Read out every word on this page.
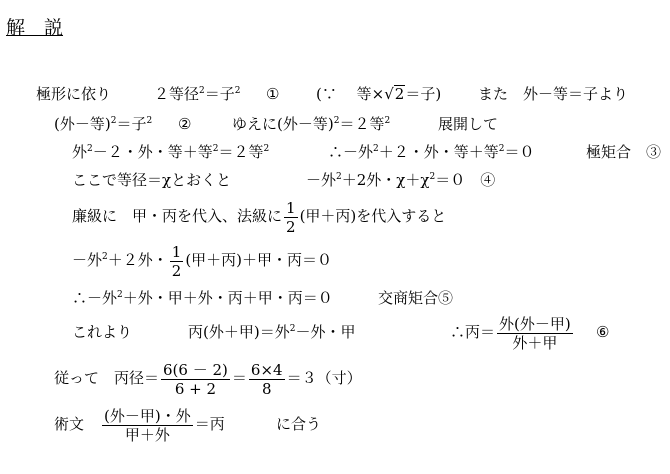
解　説
極形に依り	２等径$^2$＝子$^2$ ① (∵　 等×√2＝子) また　外－等＝子より
(外－等)$^2$＝子$^2$ ②	ゆえに(外－等)$^2$＝２等$^2$	展開して
外$^2$－２・外・等＋等$^2$＝２等$^2$	∴－外$^2$＋２・外・等＋等$^2$＝０	極矩合　③
ここで等径＝χとおくと	－外$^2$＋2外・$\chi+\chi^2=0$　④
廉級に　甲・丙を代入、法級に $\frac{1}{2}$ (甲＋丙)を代入すると
－外$^2$＋２外・ $\frac{1}{2}$ (甲＋丙)＋甲・丙＝０
∴－外$^2$＋外・甲＋外・丙＋甲・丙＝０	交商矩合⑤
これより	丙(外＋甲)＝外$^2$－外・甲	∴丙＝ $\frac{\text{外(外－甲)}}{\text{外＋甲}}$ ⑥
従って　丙径＝ $\frac{6(6 - 2)}{6 + 2} = \frac{6\times 4}{8} =3$（寸）
術文 $\frac{\text{(外－甲)・外}}{\text{甲＋外}}$ ＝丙	に合う
